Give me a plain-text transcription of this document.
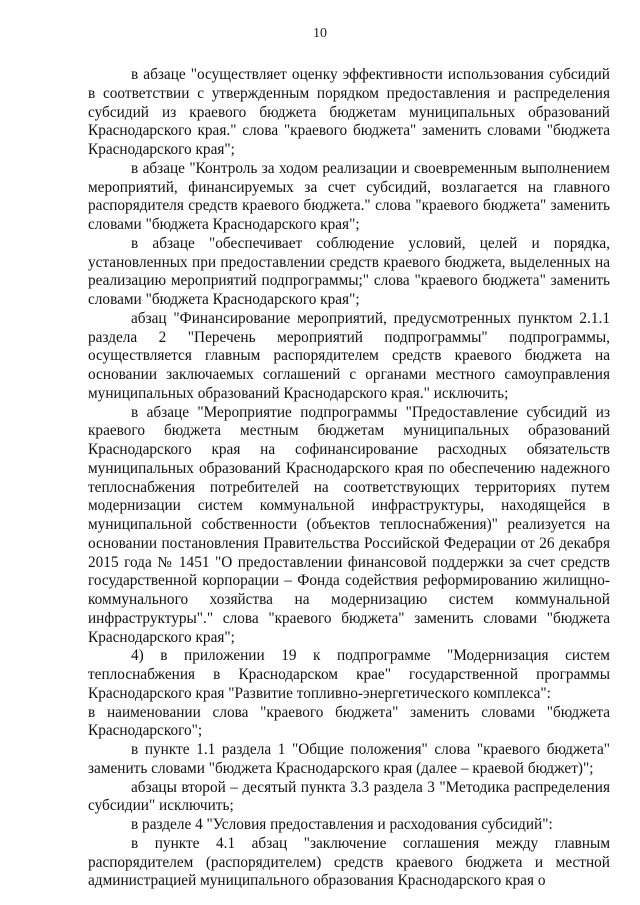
10

в абзаце "осуществляет оценку эффективности использования субсидий в соответствии с утвержденным порядком предоставления и распределения субсидий из краевого бюджета бюджетам муниципальных образований Краснодарского края." слова "краевого бюджета" заменить словами "бюджета Краснодарского края";

в абзаце "Контроль за ходом реализации и своевременным выполнением мероприятий, финансируемых за счет субсидий, возлагается на главного распорядителя средств краевого бюджета." слова "краевого бюджета" заменить словами "бюджета Краснодарского края";

в абзаце "обеспечивает соблюдение условий, целей и порядка, установленных при предоставлении средств краевого бюджета, выделенных на реализацию мероприятий подпрограммы;" слова "краевого бюджета" заменить словами "бюджета Краснодарского края";

абзац "Финансирование мероприятий, предусмотренных пунктом 2.1.1 раздела 2 "Перечень мероприятий подпрограммы" подпрограммы, осуществляется главным распорядителем средств краевого бюджета на основании заключаемых соглашений с органами местного самоуправления муниципальных образований Краснодарского края." исключить;

в абзаце "Мероприятие подпрограммы "Предоставление субсидий из краевого бюджета местным бюджетам муниципальных образований Краснодарского края на софинансирование расходных обязательств муниципальных образований Краснодарского края по обеспечению надежного теплоснабжения потребителей на соответствующих территориях путем модернизации систем коммунальной инфраструктуры, находящейся в муниципальной собственности (объектов теплоснабжения)" реализуется на основании постановления Правительства Российской Федерации от 26 декабря 2015 года № 1451 "О предоставлении финансовой поддержки за счет средств государственной корпорации – Фонда содействия реформированию жилищно-коммунального хозяйства на модернизацию систем коммунальной инфраструктуры"." слова "краевого бюджета" заменить словами "бюджета Краснодарского края";

4) в приложении 19 к подпрограмме "Модернизация систем теплоснабжения в Краснодарском крае" государственной программы Краснодарского края "Развитие топливно-энергетического комплекса":

в наименовании слова "краевого бюджета" заменить словами "бюджета Краснодарского";

в пункте 1.1 раздела 1 "Общие положения" слова "краевого бюджета" заменить словами "бюджета Краснодарского края (далее – краевой бюджет)";

абзацы второй – десятый пункта 3.3 раздела 3 "Методика распределения субсидии" исключить;

в разделе 4 "Условия предоставления и расходования субсидий":

в пункте 4.1 абзац "заключение соглашения между главным распорядителем (распорядителем) средств краевого бюджета и местной администрацией муниципального образования Краснодарского края о
